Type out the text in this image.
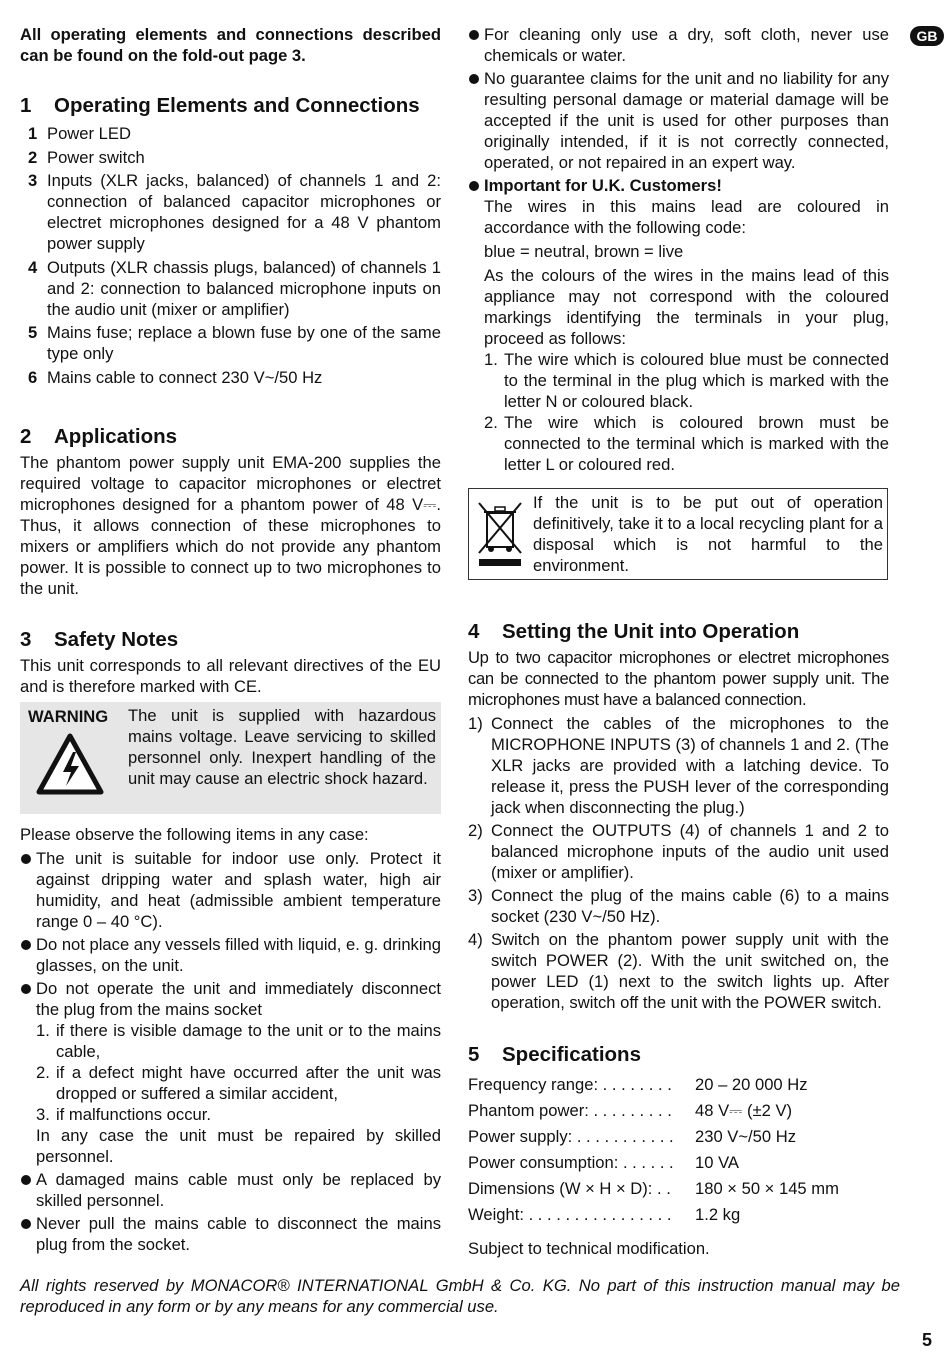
All operating elements and connections described can be found on the fold-out page 3.

1 Operating Elements and Connections
1 Power LED
2 Power switch
3 Inputs (XLR jacks, balanced) of channels 1 and 2: connection of balanced capacitor microphones or electret microphones designed for a 48 V phantom power supply
4 Outputs (XLR chassis plugs, balanced) of channels 1 and 2: connection to balanced microphone inputs on the audio unit (mixer or amplifier)
5 Mains fuse; replace a blown fuse by one of the same type only
6 Mains cable to connect 230 V~/50 Hz
2 Applications

The phantom power supply unit EMA-200 supplies the required voltage to capacitor microphones or electret microphones designed for a phantom power of 48 V⎓. Thus, it allows connection of these microphones to mixers or amplifiers which do not provide any phantom power. It is possible to connect up to two microphones to the unit.

3 Safety Notes

This unit corresponds to all relevant directives of the EU and is therefore marked with CE.

WARNING The unit is supplied with hazardous mains voltage. Leave servicing to skilled personnel only. Inexpert handling of the unit may cause an electric shock hazard.

Please observe the following items in any case:

The unit is suitable for indoor use only. Protect it against dripping water and splash water, high air humidity, and heat (admissible ambient temperature range 0 – 40 °C).
Do not place any vessels filled with liquid, e. g. drinking glasses, on the unit.
Do not operate the unit and immediately disconnect the plug from the mains socket
1. if there is visible damage to the unit or to the mains cable,
2. if a defect might have occurred after the unit was dropped or suffered a similar accident,
3. if malfunctions occur.
In any case the unit must be repaired by skilled personnel.
A damaged mains cable must only be replaced by skilled personnel.
Never pull the mains cable to disconnect the mains plug from the socket.
For cleaning only use a dry, soft cloth, never use chemicals or water.
No guarantee claims for the unit and no liability for any resulting personal damage or material damage will be accepted if the unit is used for other purposes than originally intended, if it is not correctly connected, operated, or not repaired in an expert way.
Important for U.K. Customers!
The wires in this mains lead are coloured in accordance with the following code:
blue = neutral, brown = live
As the colours of the wires in the mains lead of this appliance may not correspond with the coloured markings identifying the terminals in your plug, proceed as follows:
1. The wire which is coloured blue must be connected to the terminal in the plug which is marked with the letter N or coloured black.
2. The wire which is coloured brown must be connected to the terminal which is marked with the letter L or coloured red.

If the unit is to be put out of operation definitively, take it to a local recycling plant for a disposal which is not harmful to the environment.

4 Setting the Unit into Operation

Up to two capacitor microphones or electret microphones can be connected to the phantom power supply unit. The microphones must have a balanced connection.

1) Connect the cables of the microphones to the MICROPHONE INPUTS (3) of channels 1 and 2. (The XLR jacks are provided with a latching device. To release it, press the PUSH lever of the corresponding jack when disconnecting the plug.)
2) Connect the OUTPUTS (4) of channels 1 and 2 to balanced microphone inputs of the audio unit used (mixer or amplifier).
3) Connect the plug of the mains cable (6) to a mains socket (230 V~/50 Hz).
4) Switch on the phantom power supply unit with the switch POWER (2). With the unit switched on, the power LED (1) next to the switch lights up. After operation, switch off the unit with the POWER switch.
5 Specifications
Frequency range: . . . . . . . . 20 – 20 000 Hz
Phantom power: . . . . . . . . . 48 V⎓ (±2 V)
Power supply: . . . . . . . . . . . 230 V~/50 Hz
Power consumption: . . . . . . 10 VA
Dimensions (W × H × D): . . 180 × 50 × 145 mm
Weight: . . . . . . . . . . . . . . . . 1.2 kg
Subject to technical modification.

All rights reserved by MONACOR® INTERNATIONAL GmbH & Co. KG. No part of this instruction manual may be reproduced in any form or by any means for any commercial use.

GB
5
